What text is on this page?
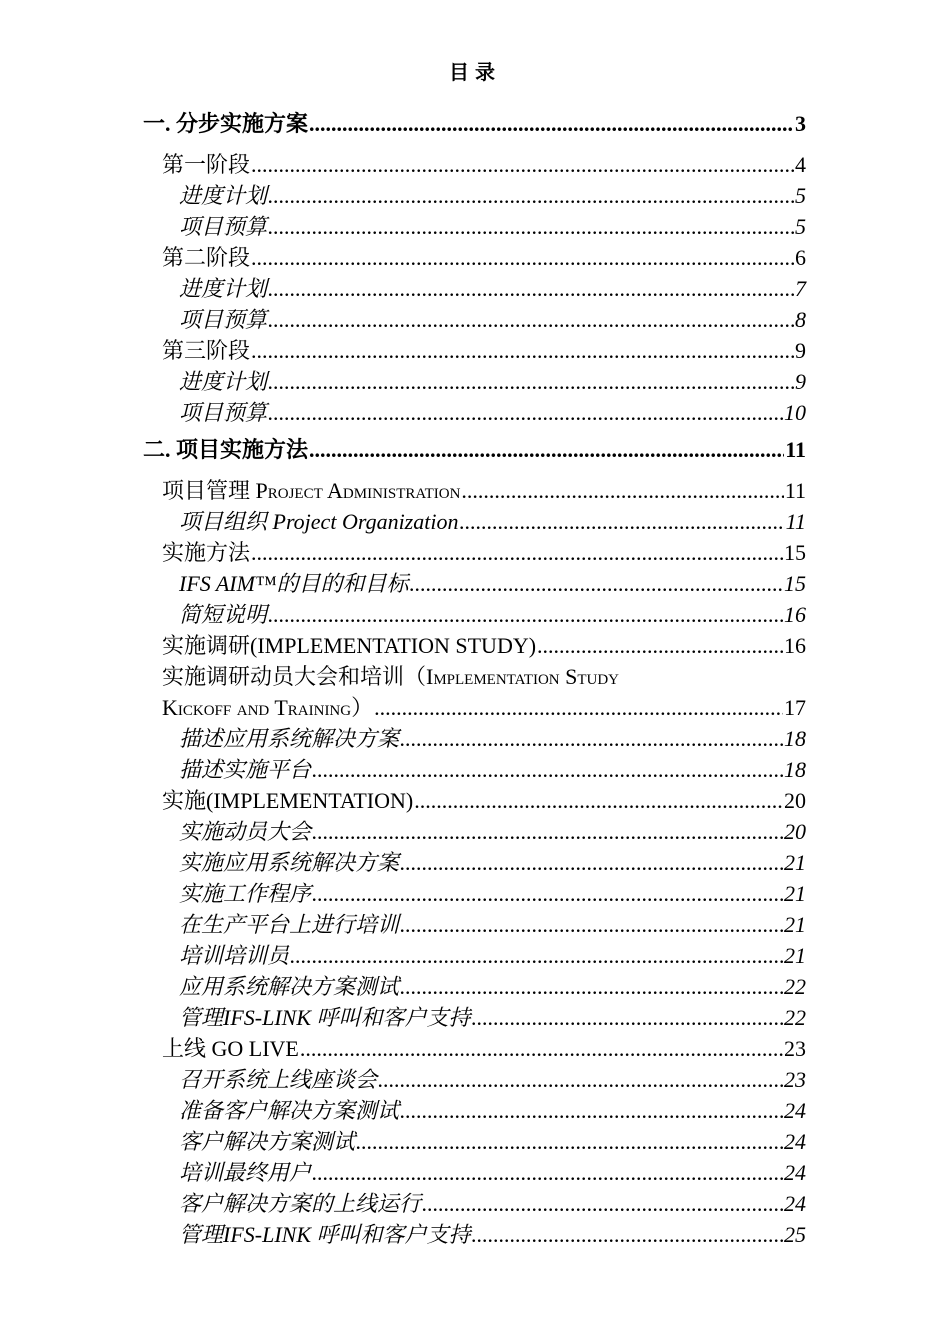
目录
一. 分步实施方案 .....	3
第一阶段 .....	4
进度计划 .....	5
项目预算 .....	5
第二阶段 .....	6
进度计划 .....	7
项目预算 .....	8
第三阶段 .....	9
进度计划 .....	9
项目预算 .....	10
二. 项目实施方法 .....	11
项目管理 Project Administration .....	11
项目组织 Project Organization .....	11
实施方法 .....	15
IFS AIM™的目的和目标 .....	15
简短说明 .....	16
实施调研(IMPLEMENTATION STUDY) .....	16
实施调研动员大会和培训（Implementation Study
Kickoff and Training） .....	17
描述应用系统解决方案 .....	18
描述实施平台 .....	18
实施(IMPLEMENTATION) .....	20
实施动员大会 .....	20
实施应用系统解决方案 .....	21
实施工作程序 .....	21
在生产平台上进行培训 .....	21
培训培训员 .....	21
应用系统解决方案测试 .....	22
管理IFS-LINK 呼叫和客户支持 .....	22
上线 GO LIVE .....	23
召开系统上线座谈会 .....	23
准备客户解决方案测试 .....	24
客户解决方案测试 .....	24
培训最终用户 .....	24
客户解决方案的上线运行 .....	24
管理IFS-LINK 呼叫和客户支持 .....	25
